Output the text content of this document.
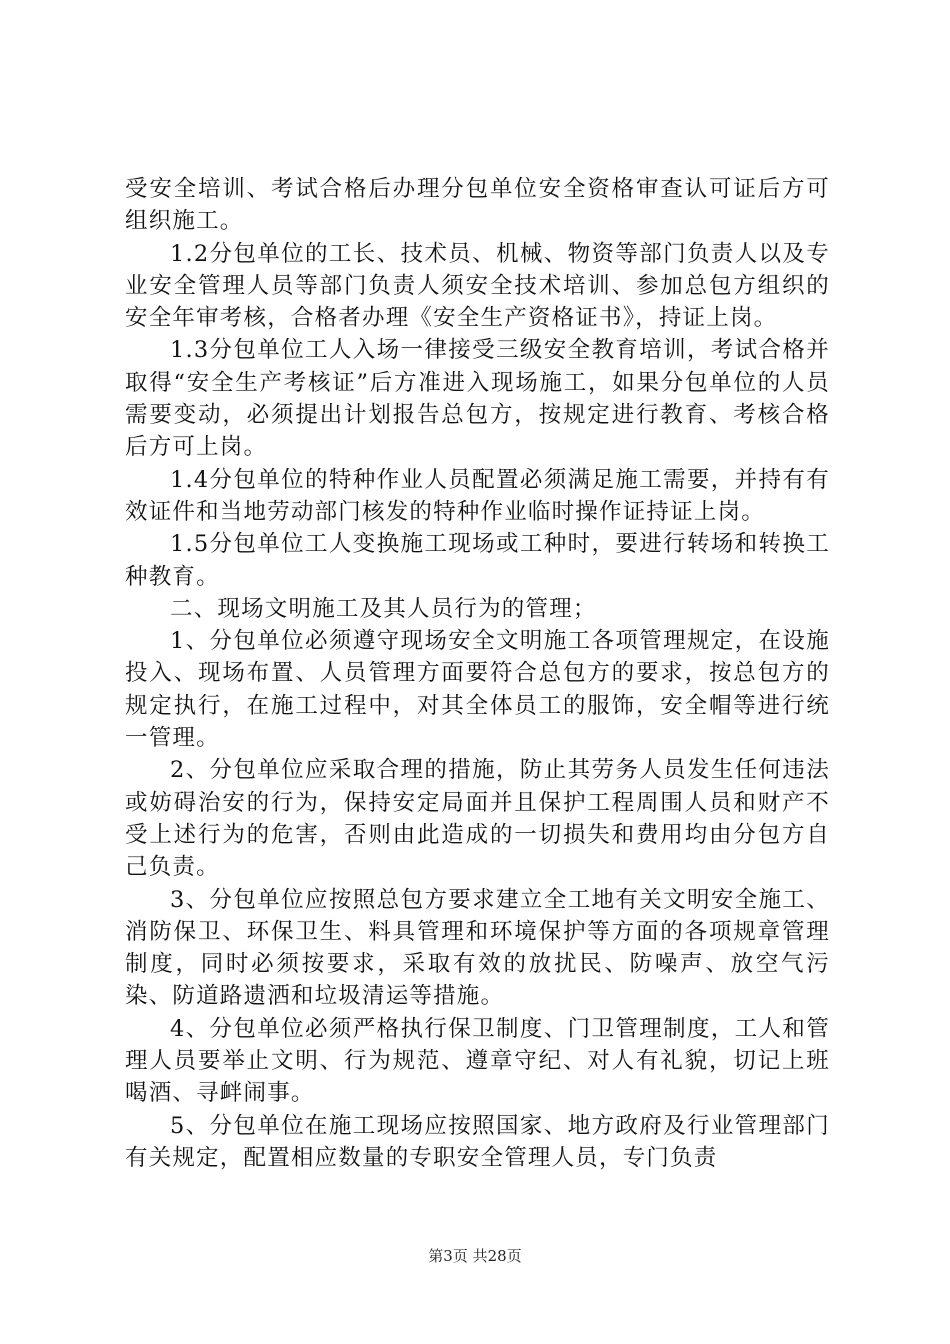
受安全培训、考试合格后办理分包单位安全资格审查认可证后方可组织施工。

1.2分包单位的工长、技术员、机械、物资等部门负责人以及专业安全管理人员等部门负责人须安全技术培训、参加总包方组织的安全年审考核，合格者办理《安全生产资格证书》，持证上岗。

1.3分包单位工人入场一律接受三级安全教育培训，考试合格并取得“安全生产考核证”后方准进入现场施工，如果分包单位的人员需要变动，必须提出计划报告总包方，按规定进行教育、考核合格后方可上岗。

1.4分包单位的特种作业人员配置必须满足施工需要，并持有有效证件和当地劳动部门核发的特种作业临时操作证持证上岗。

1.5分包单位工人变换施工现场或工种时，要进行转场和转换工种教育。

二、现场文明施工及其人员行为的管理；

1、分包单位必须遵守现场安全文明施工各项管理规定，在设施投入、现场布置、人员管理方面要符合总包方的要求，按总包方的规定执行，在施工过程中，对其全体员工的服饰，安全帽等进行统一管理。

2、分包单位应采取合理的措施，防止其劳务人员发生任何违法或妨碍治安的行为，保持安定局面并且保护工程周围人员和财产不受上述行为的危害，否则由此造成的一切损失和费用均由分包方自己负责。

3、分包单位应按照总包方要求建立全工地有关文明安全施工、消防保卫、环保卫生、料具管理和环境保护等方面的各项规章管理制度，同时必须按要求，采取有效的放扰民、防噪声、放空气污染、防道路遗洒和垃圾清运等措施。

4、分包单位必须严格执行保卫制度、门卫管理制度，工人和管理人员要举止文明、行为规范、遵章守纪、对人有礼貌，切记上班喝酒、寻衅闹事。

5、分包单位在施工现场应按照国家、地方政府及行业管理部门有关规定，配置相应数量的专职安全管理人员，专门负责

第3页 共28页
